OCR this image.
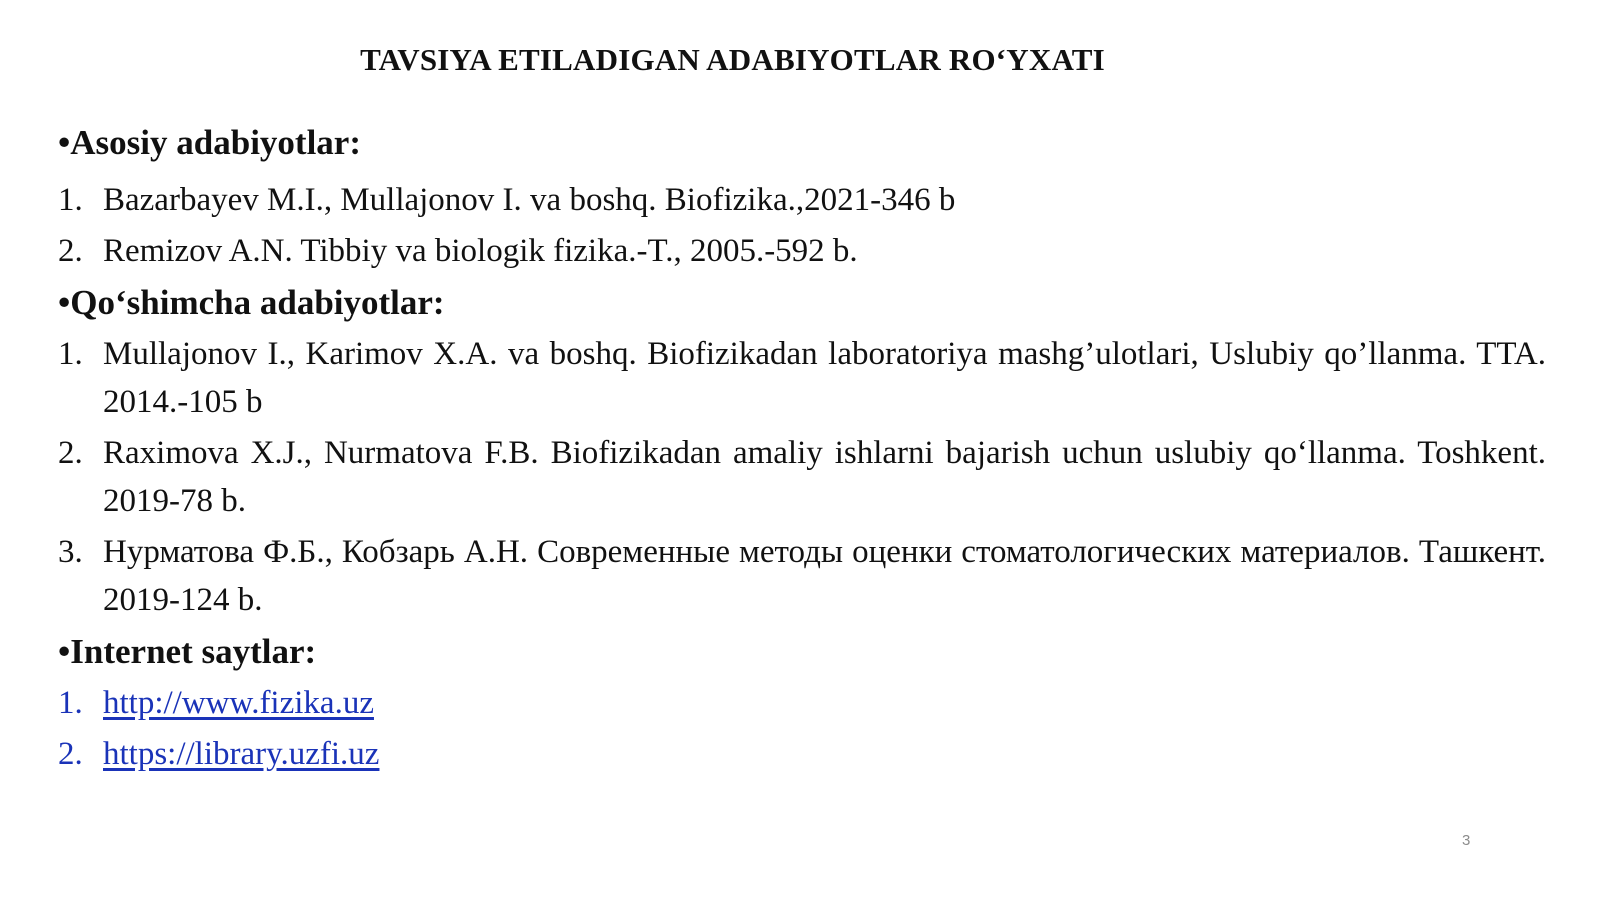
TAVSIYA ETILADIGAN ADABIYOTLAR RO‘YXATI
• Asosiy adabiyotlar:
1. Bazarbayev M.I., Mullajonov I. va boshq. Biofizika.,2021-346 b
2. Remizov A.N. Tibbiy va biologik fizika.-T., 2005.-592 b.
• Qo‘shimcha adabiyotlar:
1. Mullajonov I., Karimov X.A. va boshq. Biofizikadan laboratoriya mashg’ulotlari, Uslubiy qo’llanma. TTA. 2014.-105 b
2. Raximova X.J., Nurmatova F.B. Biofizikadan amaliy ishlarni bajarish uchun uslubiy qo‘llanma. Toshkent. 2019-78 b.
3. Нурматова Ф.Б., Кобзарь А.Н. Современные методы оценки стоматологических материалов. Ташкент. 2019-124 b.
• Internet saytlar:
1. http://www.fizika.uz
2. https://library.uzfi.uz
3
